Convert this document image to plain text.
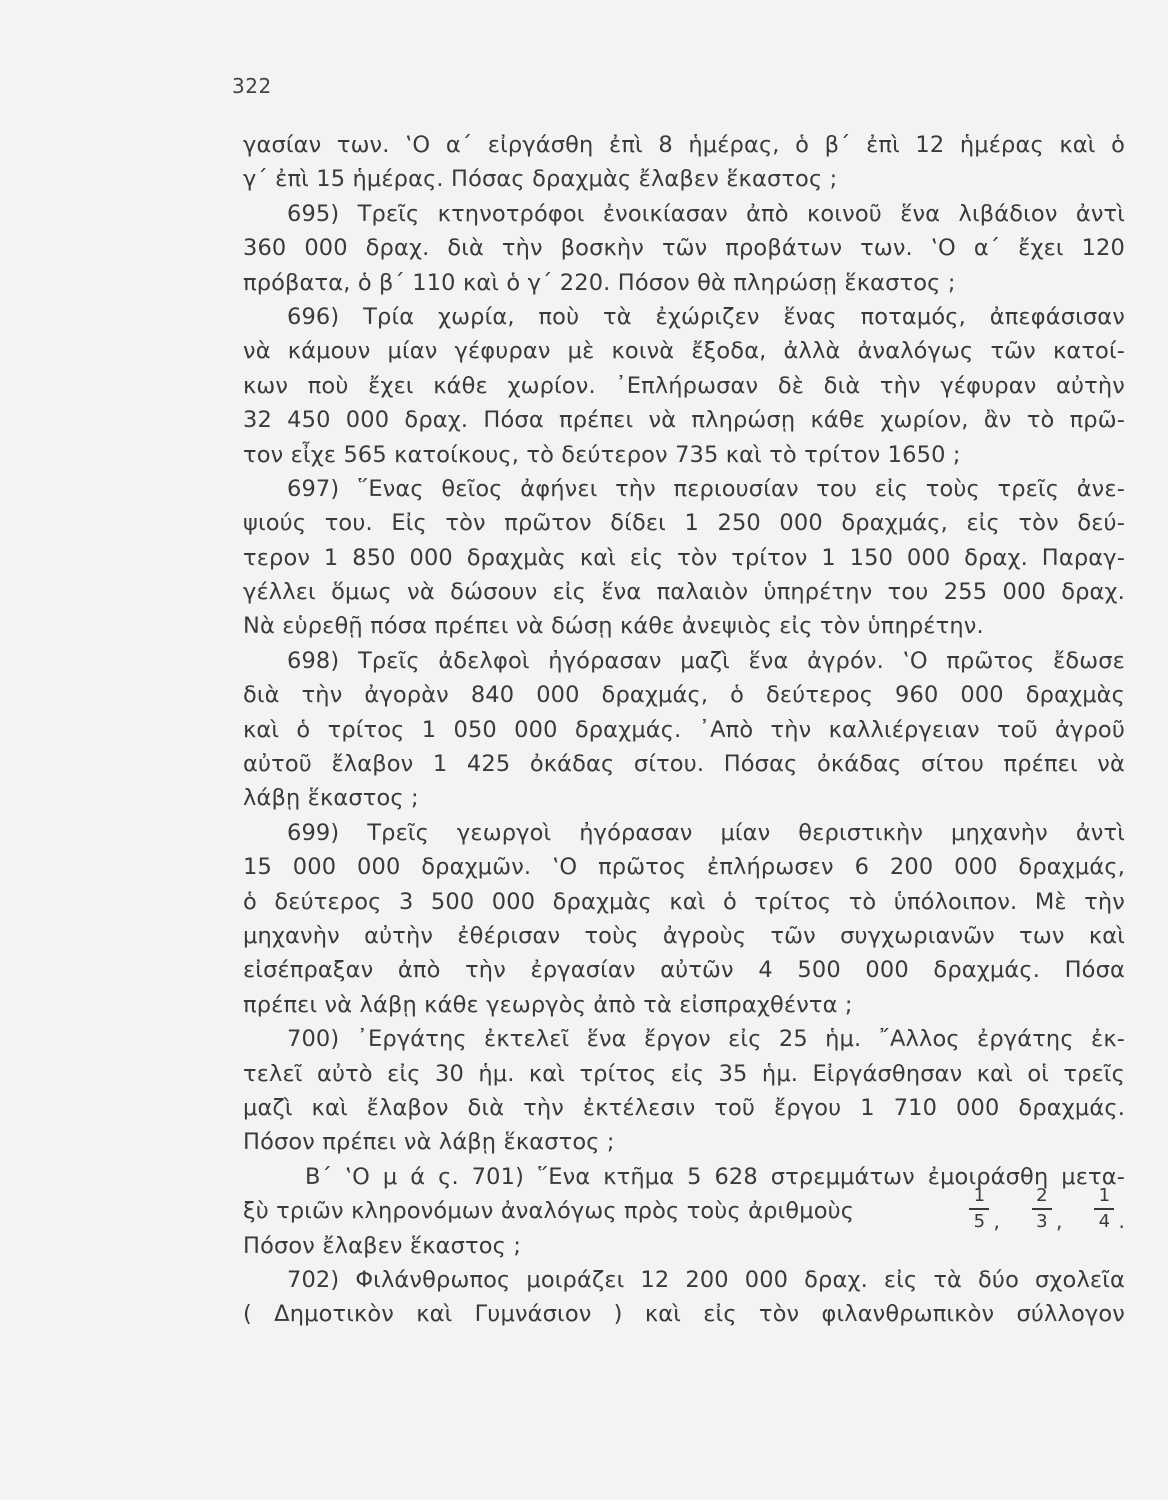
322
γασίαν των. ‛Ο α΄ εἰργάσθη ἐπὶ 8 ἡμέρας, ὁ β΄ ἐπὶ 12 ἡμέρας καὶ ὁ
γ΄ ἐπὶ 15 ἡμέρας. Πόσας δραχμὰς ἔλαβεν ἕκαστος ;
695) Τρεῖς κτηνοτρόφοι ἐνοικίασαν ἀπὸ κοινοῦ ἕνα λιβάδιον ἀντὶ
360 000 δραχ. διὰ τὴν βοσκὴν τῶν προβάτων των. ‛Ο α΄ ἔχει 120
πρόβατα, ὁ β΄ 110 καὶ ὁ γ΄ 220. Πόσον θὰ πληρώσῃ ἕκαστος ;
696) Τρία χωρία, ποὺ τὰ ἐχώριζεν ἕνας ποταμός, ἀπεφάσισαν
νὰ κάμουν μίαν γέφυραν μὲ κοινὰ ἔξοδα, ἀλλὰ ἀναλόγως τῶν κατοί-
κων ποὺ ἔχει κάθε χωρίον. ᾿Επλήρωσαν δὲ διὰ τὴν γέφυραν αὐτὴν
32 450 000 δραχ. Πόσα πρέπει νὰ πληρώσῃ κάθε χωρίον, ἂν τὸ πρῶ-
τον εἶχε 565 κατοίκους, τὸ δεύτερον 735 καὶ τὸ τρίτον 1650 ;
697) ῞Ενας θεῖος ἀφήνει τὴν περιουσίαν του εἰς τοὺς τρεῖς ἀνε-
ψιούς του. Εἰς τὸν πρῶτον δίδει 1 250 000 δραχμάς, εἰς τὸν δεύ-
τερον 1 850 000 δραχμὰς καὶ εἰς τὸν τρίτον 1 150 000 δραχ. Παραγ-
γέλλει ὅμως νὰ δώσουν εἰς ἕνα παλαιὸν ὑπηρέτην του 255 000 δραχ.
Νὰ εὑρεθῇ πόσα πρέπει νὰ δώσῃ κάθε ἀνεψιὸς εἰς τὸν ὑπηρέτην.
698) Τρεῖς ἀδελφοὶ ἠγόρασαν μαζὶ ἕνα ἀγρόν. ‛Ο πρῶτος ἔδωσε
διὰ τὴν ἀγορὰν 840 000 δραχμάς, ὁ δεύτερος 960 000 δραχμὰς
καὶ ὁ τρίτος 1 050 000 δραχμάς. ᾿Απὸ τὴν καλλιέργειαν τοῦ ἀγροῦ
αὐτοῦ ἔλαβον 1 425 ὀκάδας σίτου. Πόσας ὀκάδας σίτου πρέπει νὰ
λάβῃ ἕκαστος ;
699) Τρεῖς γεωργοὶ ἠγόρασαν μίαν θεριστικὴν μηχανὴν ἀντὶ
15 000 000 δραχμῶν. ‛Ο πρῶτος ἐπλήρωσεν 6 200 000 δραχμάς,
ὁ δεύτερος 3 500 000 δραχμὰς καὶ ὁ τρίτος τὸ ὑπόλοιπον. Μὲ τὴν
μηχανὴν αὐτὴν ἐθέρισαν τοὺς ἀγροὺς τῶν συγχωριανῶν των καὶ
εἰσέπραξαν ἀπὸ τὴν ἐργασίαν αὐτῶν 4 500 000 δραχμάς. Πόσα
πρέπει νὰ λάβῃ κάθε γεωργὸς ἀπὸ τὰ εἰσπραχθέντα ;
700) ᾿Εργάτης ἐκτελεῖ ἕνα ἔργον εἰς 25 ἡμ. ῎Αλλος ἐργάτης ἐκ-
τελεῖ αὐτὸ εἰς 30 ἡμ. καὶ τρίτος εἰς 35 ἡμ. Εἰργάσθησαν καὶ οἱ τρεῖς
μαζὶ καὶ ἔλαβον διὰ τὴν ἐκτέλεσιν τοῦ ἔργου 1 710 000 δραχμάς.
Πόσον πρέπει νὰ λάβῃ ἕκαστος ;
Β΄ ‛Ο μ ά ς. 701) ῞Ενα κτῆμα 5 628 στρεμμάτων ἐμοιράσθη μετα-
ξὺ τριῶν κληρονόμων ἀναλόγως πρὸς τοὺς ἀριθμοὺς	$\frac{1}{5}$ , $\frac{2}{3}$ , $\frac{1}{4}$ .
Πόσον ἔλαβεν ἕκαστος ;
702) Φιλάνθρωπος μοιράζει 12 200 000 δραχ. εἰς τὰ δύο σχολεῖα
( Δημοτικὸν καὶ Γυμνάσιον ) καὶ εἰς τὸν φιλανθρωπικὸν σύλλογον
